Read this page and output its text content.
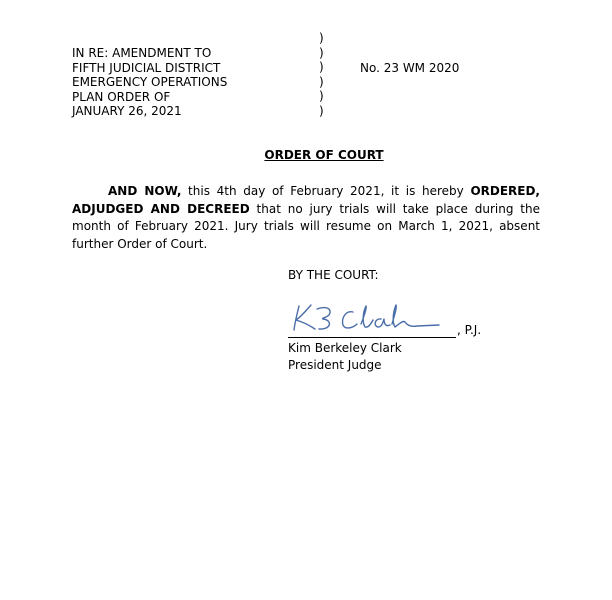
IN RE: AMENDMENT TO
FIFTH JUDICIAL DISTRICT
EMERGENCY OPERATIONS
PLAN ORDER OF
JANUARY 26, 2021
)
)
)
)
)
)
No. 23 WM 2020
ORDER OF COURT

AND NOW, this 4th day of February 2021, it is hereby ORDERED, ADJUDGED AND DECREED that no jury trials will take place during the month of February 2021. Jury trials will resume on March 1, 2021, absent further Order of Court.

BY THE COURT:
, P.J.
Kim Berkeley Clark
President Judge
